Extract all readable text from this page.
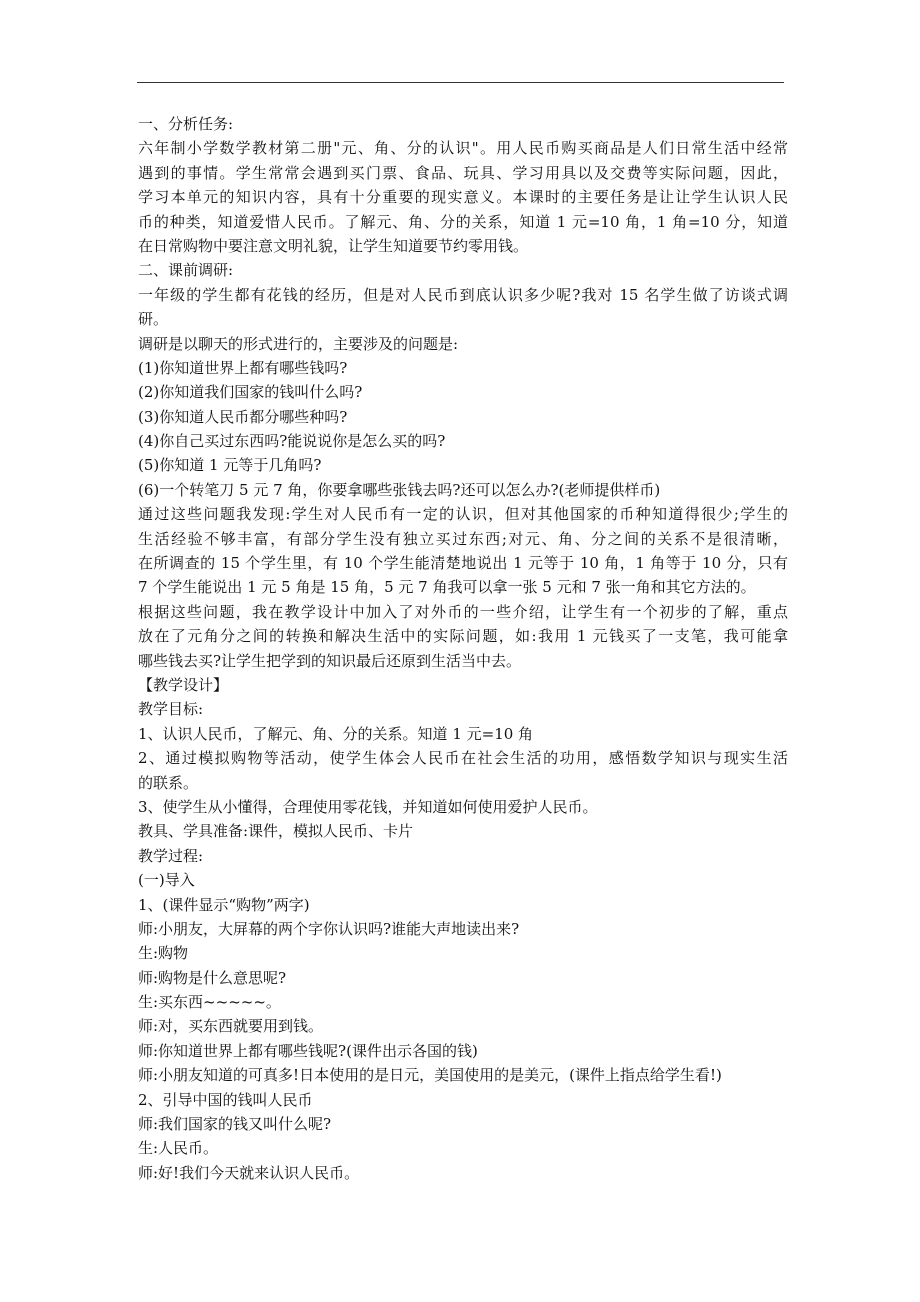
一、分析任务:
六年制小学数学教材第二册"元、角、分的认识"。用人民币购买商品是人们日常生活中经常
遇到的事情。学生常常会遇到买门票、食品、玩具、学习用具以及交费等实际问题，因此，
学习本单元的知识内容，具有十分重要的现实意义。本课时的主要任务是让让学生认识人民
币的种类，知道爱惜人民币。了解元、角、分的关系，知道 1 元=10 角，1 角=10 分，知道
在日常购物中要注意文明礼貌，让学生知道要节约零用钱。
二、课前调研:
一年级的学生都有花钱的经历，但是对人民币到底认识多少呢?我对 15 名学生做了访谈式调
研。
调研是以聊天的形式进行的，主要涉及的问题是:
(1)你知道世界上都有哪些钱吗?
(2)你知道我们国家的钱叫什么吗?
(3)你知道人民币都分哪些种吗?
(4)你自己买过东西吗?能说说你是怎么买的吗?
(5)你知道 1 元等于几角吗?
(6)一个转笔刀 5 元 7 角，你要拿哪些张钱去吗?还可以怎么办?(老师提供样币)
通过这些问题我发现:学生对人民币有一定的认识，但对其他国家的币种知道得很少;学生的
生活经验不够丰富，有部分学生没有独立买过东西;对元、角、分之间的关系不是很清晰，
在所调查的 15 个学生里，有 10 个学生能清楚地说出 1 元等于 10 角，1 角等于 10 分，只有
7 个学生能说出 1 元 5 角是 15 角，5 元 7 角我可以拿一张 5 元和 7 张一角和其它方法的。
根据这些问题，我在教学设计中加入了对外币的一些介绍，让学生有一个初步的了解，重点
放在了元角分之间的转换和解决生活中的实际问题，如:我用 1 元钱买了一支笔，我可能拿
哪些钱去买?让学生把学到的知识最后还原到生活当中去。
【教学设计】
教学目标:
1、认识人民币，了解元、角、分的关系。知道 1 元=10 角
2、通过模拟购物等活动，使学生体会人民币在社会生活的功用，感悟数学知识与现实生活
的联系。
3、使学生从小懂得，合理使用零花钱，并知道如何使用爱护人民币。
教具、学具准备:课件，模拟人民币、卡片
教学过程:
(一)导入
1、(课件显示“购物”两字)
师:小朋友，大屏幕的两个字你认识吗?谁能大声地读出来?
生:购物
师:购物是什么意思呢?
生:买东西~~~~~。
师:对，买东西就要用到钱。
师:你知道世界上都有哪些钱呢?(课件出示各国的钱)
师:小朋友知道的可真多!日本使用的是日元，美国使用的是美元，(课件上指点给学生看!)
2、引导中国的钱叫人民币
师:我们国家的钱又叫什么呢?
生:人民币。
师:好!我们今天就来认识人民币。
